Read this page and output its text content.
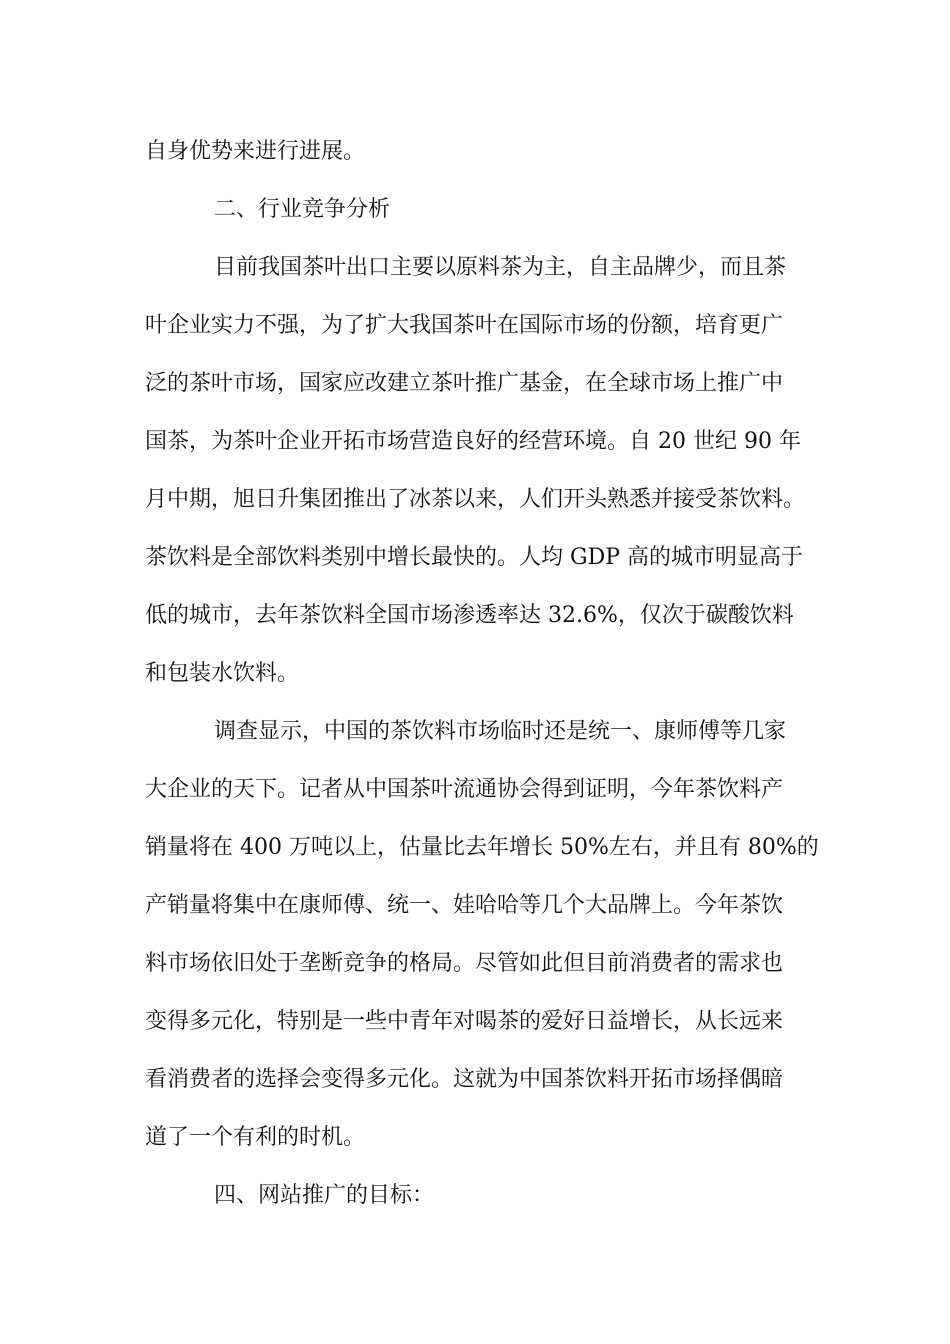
自身优势来进行进展。
二、行业竞争分析
目前我国茶叶出口主要以原料茶为主，自主品牌少，而且茶
叶企业实力不强，为了扩大我国茶叶在国际市场的份额，培育更广
泛的茶叶市场，国家应改建立茶叶推广基金，在全球市场上推广中
国茶，为茶叶企业开拓市场营造良好的经营环境。自 20 世纪 90 年
月中期，旭日升集团推出了冰茶以来，人们开头熟悉并接受茶饮料。
茶饮料是全部饮料类别中增长最快的。人均 GDP 高的城市明显高于
低的城市，去年茶饮料全国市场渗透率达 32.6%，仅次于碳酸饮料
和包装水饮料。
调查显示，中国的茶饮料市场临时还是统一、康师傅等几家
大企业的天下。记者从中国茶叶流通协会得到证明，今年茶饮料产
销量将在 400 万吨以上，估量比去年增长 50%左右，并且有 80%的
产销量将集中在康师傅、统一、娃哈哈等几个大品牌上。今年茶饮
料市场依旧处于垄断竞争的格局。尽管如此但目前消费者的需求也
变得多元化，特别是一些中青年对喝茶的爱好日益增长，从长远来
看消费者的选择会变得多元化。这就为中国茶饮料开拓市场择偶暗
道了一个有利的时机。
四、网站推广的目标：
